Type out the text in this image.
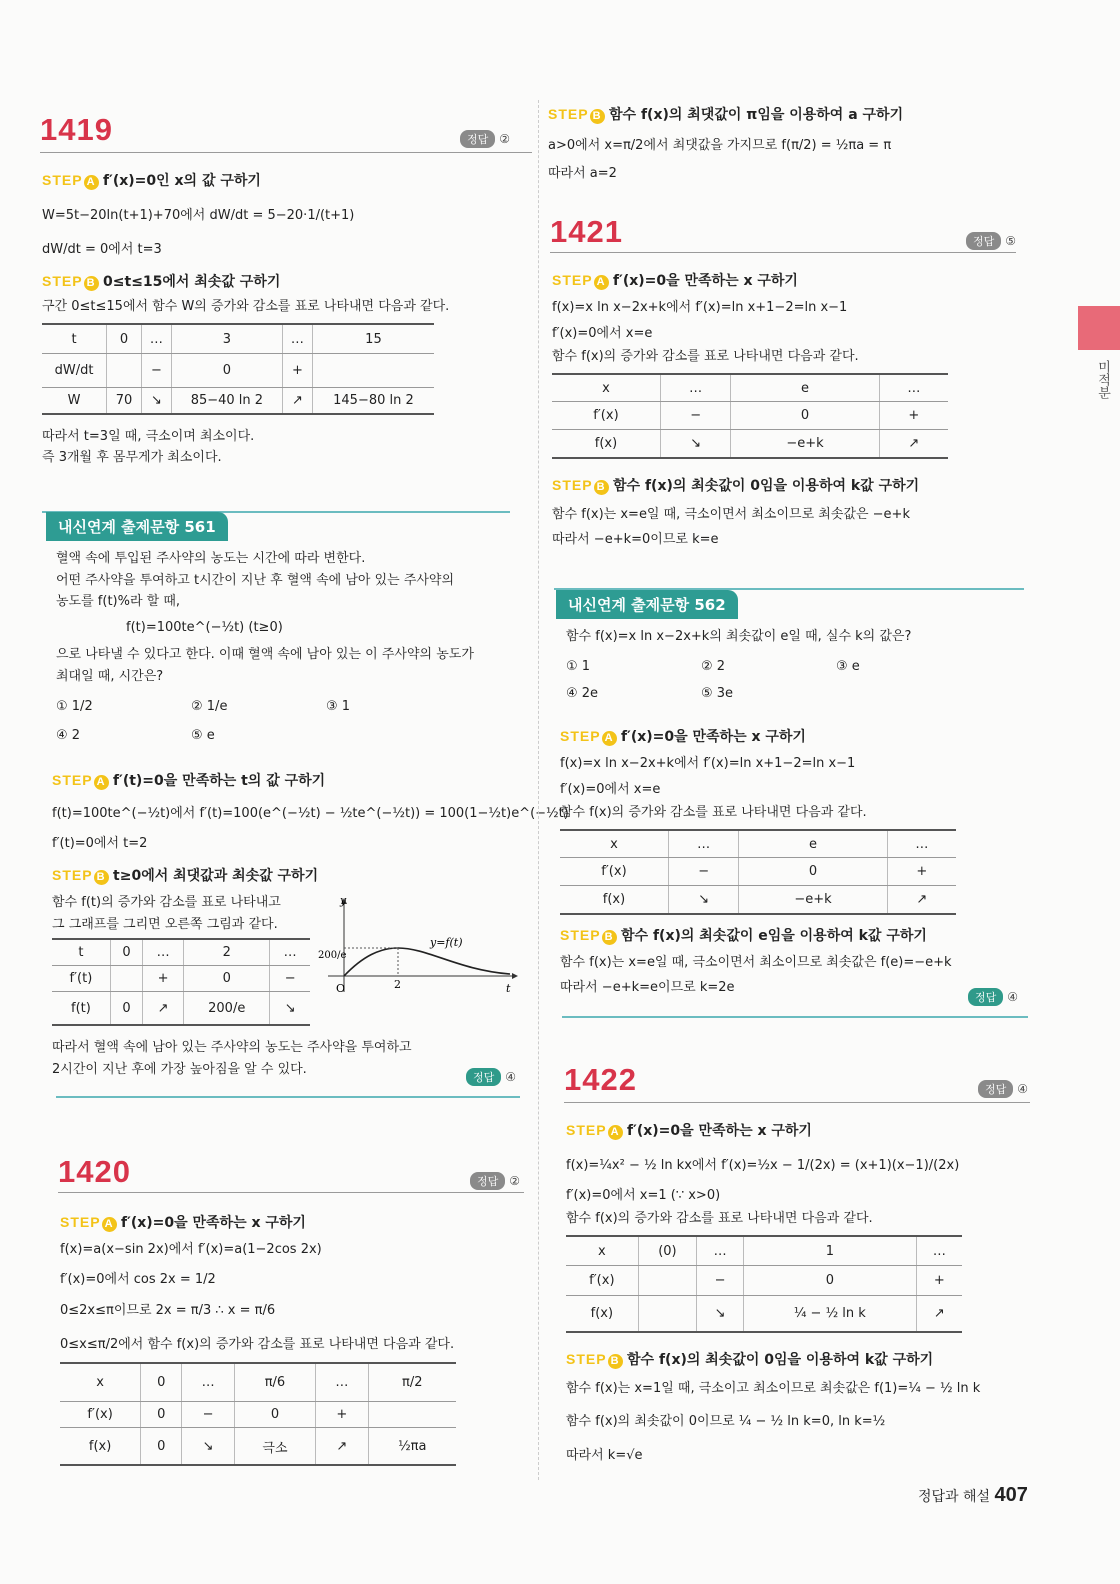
1419	정답 ②

STEP A f′(x)=0인 x의 값 구하기

W=5t−20ln(t+1)+70에서 dW/dt = 5−20·1/(t+1)
dW/dt = 0에서 t=3

STEP B 0≤t≤15에서 최솟값 구하기

구간 0≤t≤15에서 함수 W의 증가와 감소를 표로 나타내면 다음과 같다.
t	0	…	3	…	15
dW/dt		−	0	+	
W	70	↘	85−40 ln 2	↗	145−80 ln 2
따라서 t=3일 때, 극소이며 최소이다.
즉 3개월 후 몸무게가 최소이다.
내신연계 출제문항 561
혈액 속에 투입된 주사약의 농도는 시간에 따라 변한다.
어떤 주사약을 투여하고 t시간이 지난 후 혈액 속에 남아 있는 주사약의
농도를 f(t)%라 할 때,
f(t)=100te^(−½t) (t≥0)
으로 나타낼 수 있다고 한다. 이때 혈액 속에 남아 있는 이 주사약의 농도가
최대일 때, 시간은?
① 1/2	② 1/e	③ 1
④ 2	⑤ e

STEP A f′(t)=0을 만족하는 t의 값 구하기

f(t)=100te^(−½t)에서 f′(t)=100(e^(−½t) − ½te^(−½t)) = 100(1−½t)e^(−½t)
f′(t)=0에서 t=2

STEP B t≥0에서 최댓값과 최솟값 구하기

함수 f(t)의 증가와 감소를 표로 나타내고
그 그래프를 그리면 오른쪽 그림과 같다.
t	0	…	2	…
f′(t)		+	0	−
f(t)	0	↗	200/e	↘
따라서 혈액 속에 남아 있는 주사약의 농도는 주사약을 투여하고
2시간이 지난 후에 가장 높아짐을 알 수 있다.
y
t
O
200/e
2
y=f(t)
정답 ④
1420	정답 ②

STEP A f′(x)=0을 만족하는 x 구하기

f(x)=a(x−sin 2x)에서 f′(x)=a(1−2cos 2x)
f′(x)=0에서 cos 2x = 1/2
0≤2x≤π이므로 2x = π/3 ∴ x = π/6
0≤x≤π/2에서 함수 f(x)의 증가와 감소를 표로 나타내면 다음과 같다.
x	0	…	π/6	…	π/2
f′(x)	0	−	0	+	
f(x)	0	↘	극소	↗	½πa

STEP B 함수 f(x)의 최댓값이 π임을 이용하여 a 구하기

a>0에서 x=π/2에서 최댓값을 가지므로 f(π/2) = ½πa = π
따라서 a=2
1421	정답 ⑤

STEP A f′(x)=0을 만족하는 x 구하기

f(x)=x ln x−2x+k에서 f′(x)=ln x+1−2=ln x−1
f′(x)=0에서 x=e
함수 f(x)의 증가와 감소를 표로 나타내면 다음과 같다.
x	…	e	…
f′(x)	−	0	+
f(x)	↘	−e+k	↗

STEP B 함수 f(x)의 최솟값이 0임을 이용하여 k값 구하기

함수 f(x)는 x=e일 때, 극소이면서 최소이므로 최솟값은 −e+k
따라서 −e+k=0이므로 k=e
내신연계 출제문항 562
함수 f(x)=x ln x−2x+k의 최솟값이 e일 때, 실수 k의 값은?
① 1	② 2	③ e
④ 2e	⑤ 3e

STEP A f′(x)=0을 만족하는 x 구하기

f(x)=x ln x−2x+k에서 f′(x)=ln x+1−2=ln x−1
f′(x)=0에서 x=e
함수 f(x)의 증가와 감소를 표로 나타내면 다음과 같다.
x	…	e	…
f′(x)	−	0	+
f(x)	↘	−e+k	↗

STEP B 함수 f(x)의 최솟값이 e임을 이용하여 k값 구하기

함수 f(x)는 x=e일 때, 극소이면서 최소이므로 최솟값은 f(e)=−e+k
따라서 −e+k=e이므로 k=2e
정답 ④
1422	정답 ④

STEP A f′(x)=0을 만족하는 x 구하기

f(x)=¼x² − ½ ln kx에서 f′(x)=½x − 1/(2x) = (x+1)(x−1)/(2x)
f′(x)=0에서 x=1 (∵ x>0)
함수 f(x)의 증가와 감소를 표로 나타내면 다음과 같다.
x	(0)	…	1	…
f′(x)		−	0	+
f(x)		↘	¼ − ½ ln k	↗

STEP B 함수 f(x)의 최솟값이 0임을 이용하여 k값 구하기

함수 f(x)는 x=1일 때, 극소이고 최소이므로 최솟값은 f(1)=¼ − ½ ln k
함수 f(x)의 최솟값이 0이므로 ¼ − ½ ln k=0, ln k=½
따라서 k=√e
미적분
정답과 해설 407
